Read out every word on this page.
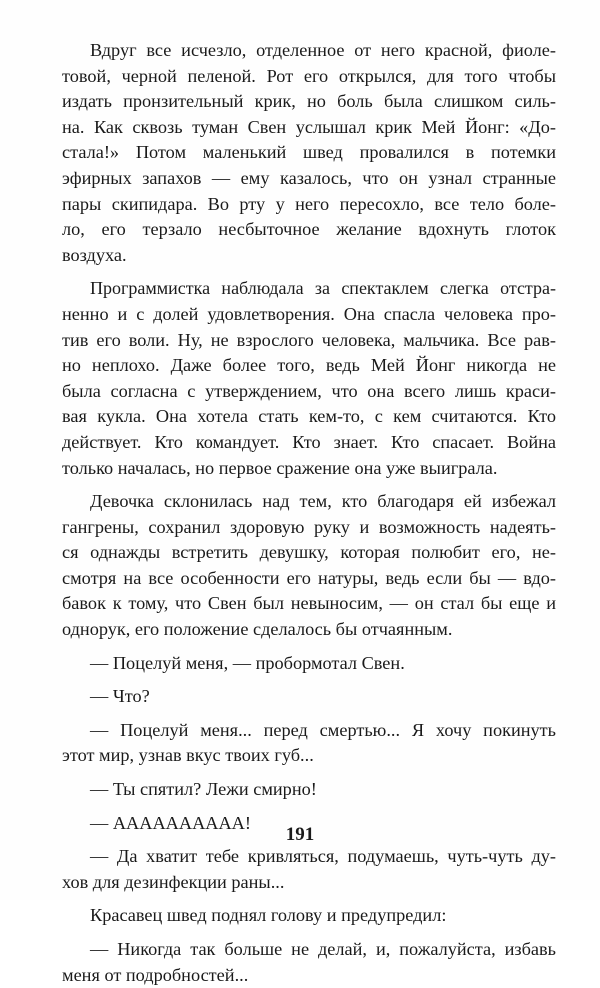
Вдруг все исчезло, отделенное от него красной, фиоле-
товой, черной пеленой. Рот его открылся, для того чтобы
издать пронзительный крик, но боль была слишком силь-
на. Как сквозь туман Свен услышал крик Мей Йонг: «До-
стала!» Потом маленький швед провалился в потемки
эфирных запахов — ему казалось, что он узнал странные
пары скипидара. Во рту у него пересохло, все тело боле-
ло, его терзало несбыточное желание вдохнуть глоток
воздуха.

Программистка наблюдала за спектаклем слегка отстра-
ненно и с долей удовлетворения. Она спасла человека про-
тив его воли. Ну, не взрослого человека, мальчика. Все рав-
но неплохо. Даже более того, ведь Мей Йонг никогда не
была согласна с утверждением, что она всего лишь краси-
вая кукла. Она хотела стать кем-то, с кем считаются. Кто
действует. Кто командует. Кто знает. Кто спасает. Война
только началась, но первое сражение она уже выиграла.

Девочка склонилась над тем, кто благодаря ей избежал
гангрены, сохранил здоровую руку и возможность надеять-
ся однажды встретить девушку, которая полюбит его, не-
смотря на все особенности его натуры, ведь если бы — вдо-
бавок к тому, что Свен был невыносим, — он стал бы еще и
однорук, его положение сделалось бы отчаянным.

— Поцелуй меня, — пробормотал Свен.

— Что?

— Поцелуй меня... перед смертью... Я хочу покинуть
этот мир, узнав вкус твоих губ...

— Ты спятил? Лежи смирно!

— АААААААААА!

— Да хватит тебе кривляться, подумаешь, чуть-чуть ду-
хов для дезинфекции раны...

Красавец швед поднял голову и предупредил:

— Никогда так больше не делай, и, пожалуйста, избавь
меня от подробностей...

191
